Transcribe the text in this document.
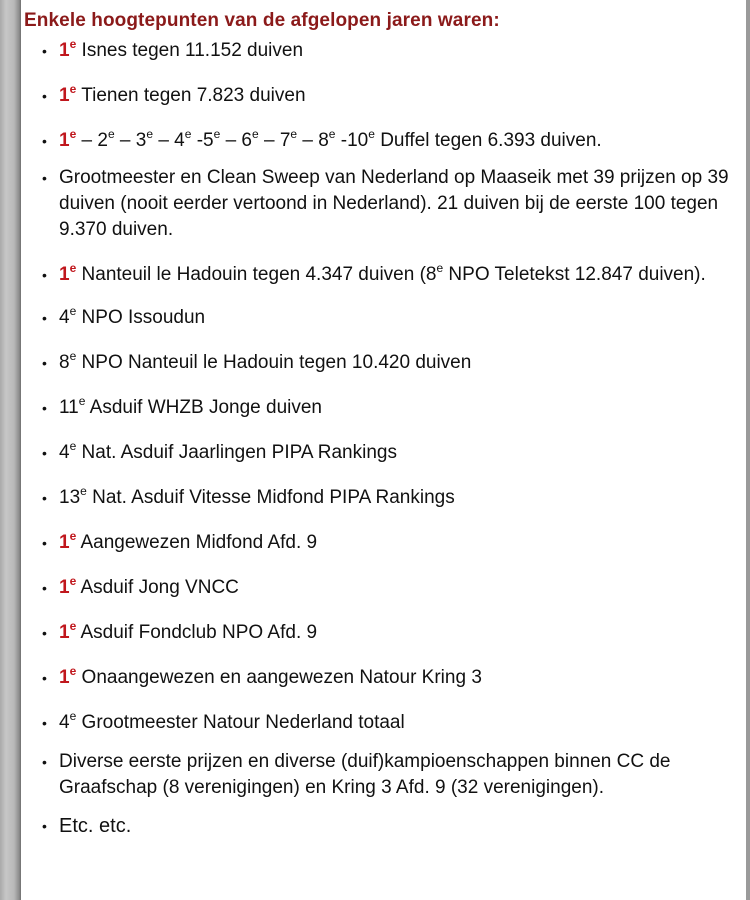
Enkele hoogtepunten van de afgelopen jaren waren:
• 1e Isnes tegen 11.152 duiven
• 1e Tienen tegen 7.823 duiven
• 1e – 2e – 3e – 4e -5e – 6e – 7e – 8e -10e Duffel tegen 6.393 duiven.
• Grootmeester en Clean Sweep van Nederland op Maaseik met 39 prijzen op 39 duiven (nooit eerder vertoond in Nederland). 21 duiven bij de eerste 100 tegen 9.370 duiven.
• 1e Nanteuil le Hadouin tegen 4.347 duiven (8e NPO Teletekst 12.847 duiven).
• 4e NPO Issoudun
• 8e NPO Nanteuil le Hadouin tegen 10.420 duiven
• 11e Asduif WHZB Jonge duiven
• 4e Nat. Asduif Jaarlingen PIPA Rankings
• 13e Nat. Asduif Vitesse Midfond PIPA Rankings
• 1e Aangewezen Midfond Afd. 9
• 1e Asduif Jong VNCC
• 1e Asduif Fondclub NPO Afd. 9
• 1e Onaangewezen en aangewezen Natour Kring 3
• 4e Grootmeester Natour Nederland totaal
• Diverse eerste prijzen en diverse (duif)kampioenschappen binnen CC de Graafschap (8 verenigingen) en Kring 3 Afd. 9 (32 verenigingen).
• Etc. etc.
